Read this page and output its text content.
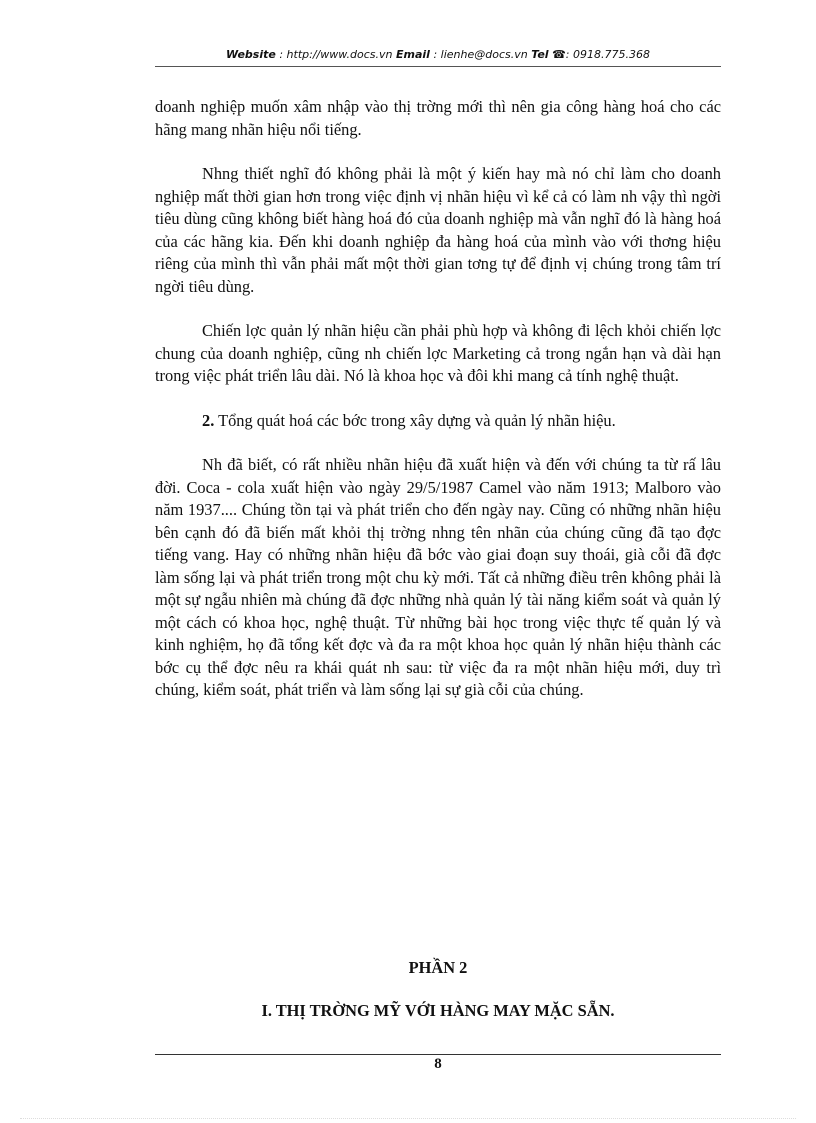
Website : http://www.docs.vn Email : lienhe@docs.vn Tel ☎: 0918.775.368

doanh nghiệp muốn xâm nhập vào thị trờng mới thì nên gia công hàng hoá cho các hãng mang nhãn hiệu nổi tiếng.

Nhng thiết nghĩ đó không phải là một ý kiến hay mà nó chỉ làm cho doanh nghiệp mất thời gian hơn trong việc định vị nhãn hiệu vì kể cả có làm nh vậy thì ngời tiêu dùng cũng không biết hàng hoá đó của doanh nghiệp mà vẫn nghĩ đó là hàng hoá của các hãng kia. Đến khi doanh nghiệp đa hàng hoá của mình vào với thơng hiệu riêng của mình thì vẫn phải mất một thời gian tơng tự để định vị chúng trong tâm trí ngời tiêu dùng.

Chiến lợc quản lý nhãn hiệu cần phải phù hợp và không đi lệch khỏi chiến lợc chung của doanh nghiệp, cũng nh chiến lợc Marketing cả trong ngắn hạn và dài hạn trong việc phát triển lâu dài. Nó là khoa học và đôi khi mang cả tính nghệ thuật.

2. Tổng quát hoá các bớc trong xây dựng và quản lý nhãn hiệu.

Nh đã biết, có rất nhiều nhãn hiệu đã xuất hiện và đến với chúng ta từ rấ lâu đời. Coca - cola xuất hiện vào ngày 29/5/1987 Camel vào năm 1913; Malboro vào năm 1937.... Chúng tồn tại và phát triển cho đến ngày nay. Cũng có những nhãn hiệu bên cạnh đó đã biến mất khỏi thị trờng nhng tên nhãn của chúng cũng đã tạo đợc tiếng vang. Hay có những nhãn hiệu đã bớc vào giai đoạn suy thoái, già cỗi đã đợc làm sống lại và phát triển trong một chu kỳ mới. Tất cả những điều trên không phải là một sự ngẫu nhiên mà chúng đã đợc những nhà quản lý tài năng kiểm soát và quản lý một cách có khoa học, nghệ thuật. Từ những bài học trong việc thực tế quản lý và kinh nghiệm, họ đã tổng kết đợc và đa ra một khoa học quản lý nhãn hiệu thành các bớc cụ thể đợc nêu ra khái quát nh sau: từ việc đa ra một nhãn hiệu mới, duy trì chúng, kiểm soát, phát triển và làm sống lại sự già cỗi của chúng.

PHẦN 2
I. THỊ TRỜNG MỸ VỚI HÀNG MAY MẶC SẴN.
8
